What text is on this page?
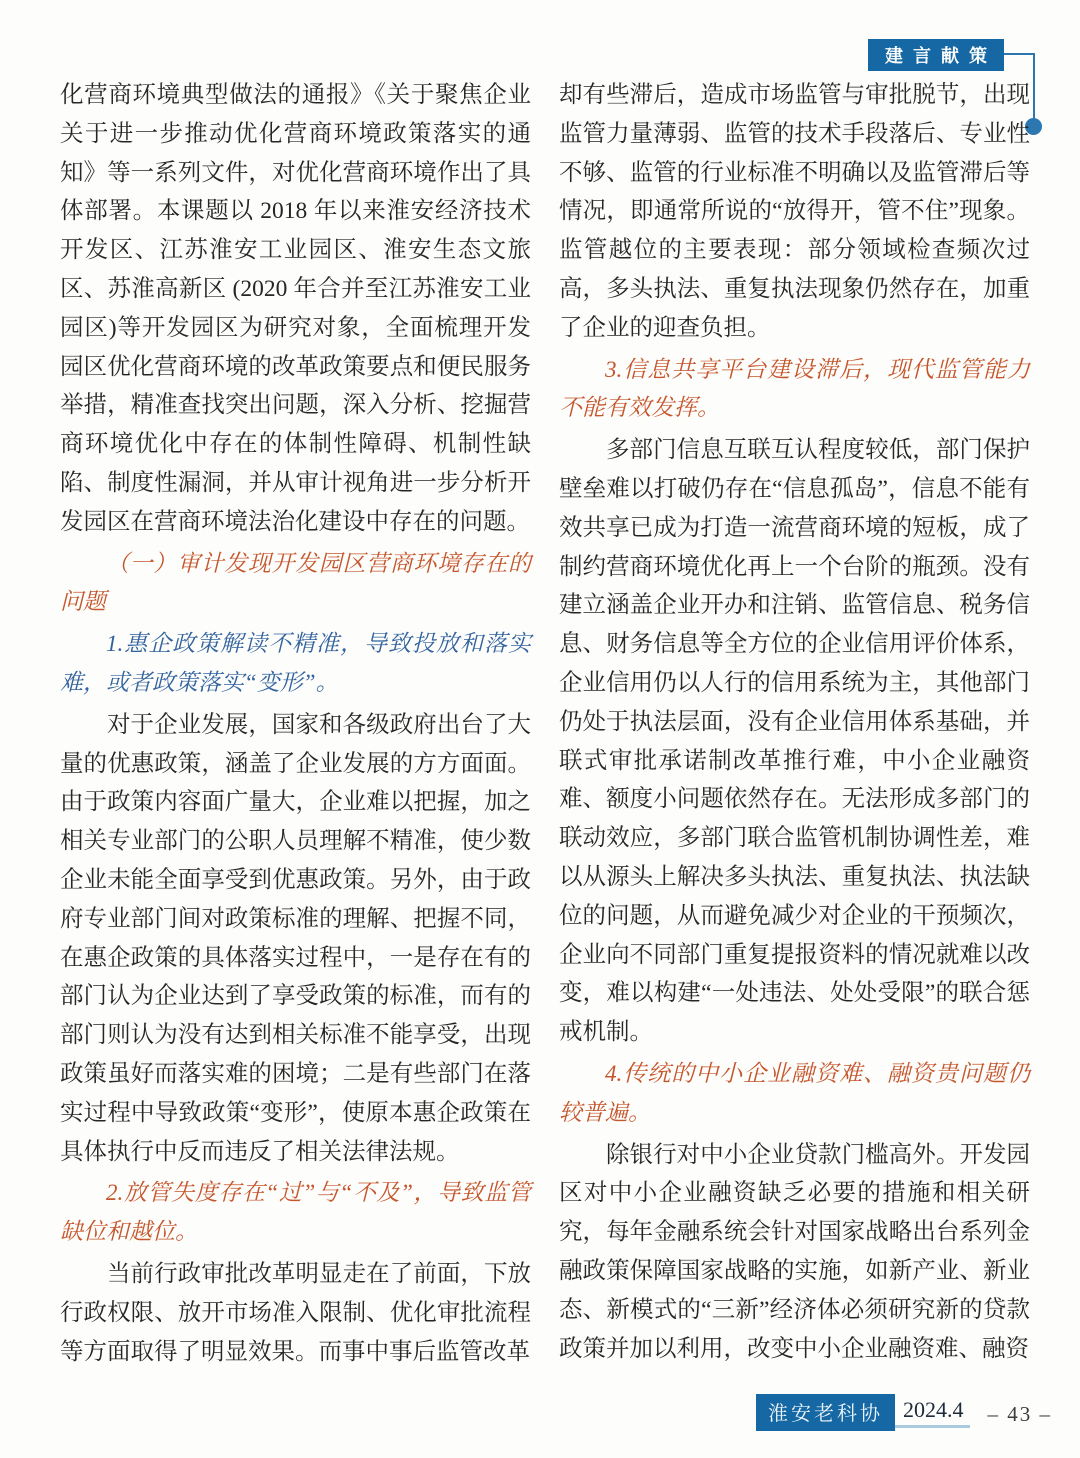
建言献策

化营商环境典型做法的通报》《关于聚焦企业关于进一步推动优化营商环境政策落实的通知》等一系列文件，对优化营商环境作出了具体部署。本课题以 2018 年以来淮安经济技术开发区、江苏淮安工业园区、淮安生态文旅区、苏淮高新区 (2020 年合并至江苏淮安工业园区)等开发园区为研究对象，全面梳理开发园区优化营商环境的改革政策要点和便民服务举措，精准查找突出问题，深入分析、挖掘营商环境优化中存在的体制性障碍、机制性缺陷、制度性漏洞，并从审计视角进一步分析开发园区在营商环境法治化建设中存在的问题。

（一）审计发现开发园区营商环境存在的问题

1.惠企政策解读不精准，导致投放和落实难，或者政策落实“变形”。

对于企业发展，国家和各级政府出台了大量的优惠政策，涵盖了企业发展的方方面面。由于政策内容面广量大，企业难以把握，加之相关专业部门的公职人员理解不精准，使少数企业未能全面享受到优惠政策。另外，由于政府专业部门间对政策标准的理解、把握不同，在惠企政策的具体落实过程中，一是存在有的部门认为企业达到了享受政策的标准，而有的部门则认为没有达到相关标准不能享受，出现政策虽好而落实难的困境；二是有些部门在落实过程中导致政策“变形”，使原本惠企政策在具体执行中反而违反了相关法律法规。

2.放管失度存在“过”与“不及”，导致监管缺位和越位。

当前行政审批改革明显走在了前面，下放行政权限、放开市场准入限制、优化审批流程等方面取得了明显效果。而事中事后监管改革

却有些滞后，造成市场监管与审批脱节，出现监管力量薄弱、监管的技术手段落后、专业性不够、监管的行业标准不明确以及监管滞后等情况，即通常所说的“放得开，管不住”现象。监管越位的主要表现：部分领域检查频次过高，多头执法、重复执法现象仍然存在，加重了企业的迎查负担。

3.信息共享平台建设滞后，现代监管能力不能有效发挥。

多部门信息互联互认程度较低，部门保护壁垒难以打破仍存在“信息孤岛”，信息不能有效共享已成为打造一流营商环境的短板，成了制约营商环境优化再上一个台阶的瓶颈。没有建立涵盖企业开办和注销、监管信息、税务信息、财务信息等全方位的企业信用评价体系，企业信用仍以人行的信用系统为主，其他部门仍处于执法层面，没有企业信用体系基础，并联式审批承诺制改革推行难，中小企业融资难、额度小问题依然存在。无法形成多部门的联动效应，多部门联合监管机制协调性差，难以从源头上解决多头执法、重复执法、执法缺位的问题，从而避免减少对企业的干预频次，企业向不同部门重复提报资料的情况就难以改变，难以构建“一处违法、处处受限”的联合惩戒机制。

4.传统的中小企业融资难、融资贵问题仍较普遍。

除银行对中小企业贷款门槛高外。开发园区对中小企业融资缺乏必要的措施和相关研究，每年金融系统会针对国家战略出台系列金融政策保障国家战略的实施，如新产业、新业态、新模式的“三新”经济体必须研究新的贷款政策并加以利用，改变中小企业融资难、融资

淮安老科协 2024.4 – 43 –
